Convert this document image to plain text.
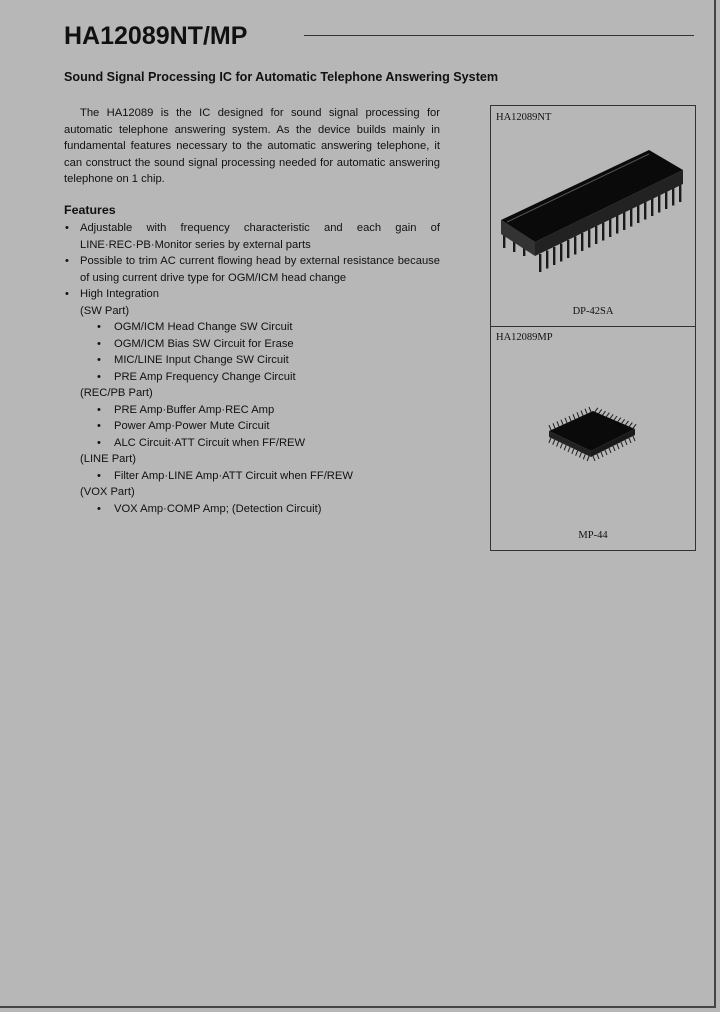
HA12089NT/MP
Sound Signal Processing IC for Automatic Telephone Answering System

The HA12089 is the IC designed for sound signal processing for automatic telephone answering system. As the device builds mainly in fundamental features necessary to the automatic answering telephone, it can construct the sound signal processing needed for automatic answering telephone on 1 chip.

Features
• Adjustable with frequency characteristic and each gain of LINE·REC·PB·Monitor series by external parts
• Possible to trim AC current flowing head by external resistance because of using current drive type for OGM/ICM head change
• High Integration
(SW Part)
• OGM/ICM Head Change SW Circuit
• OGM/ICM Bias SW Circuit for Erase
• MIC/LINE Input Change SW Circuit
• PRE Amp Frequency Change Circuit
(REC/PB Part)
• PRE Amp·Buffer Amp·REC Amp
• Power Amp·Power Mute Circuit
• ALC Circuit·ATT Circuit when FF/REW
(LINE Part)
• Filter Amp·LINE Amp·ATT Circuit when FF/REW
(VOX Part)
• VOX Amp·COMP Amp; (Detection Circuit)
HA12089NT
DP-42SA
HA12089MP
MP-44
